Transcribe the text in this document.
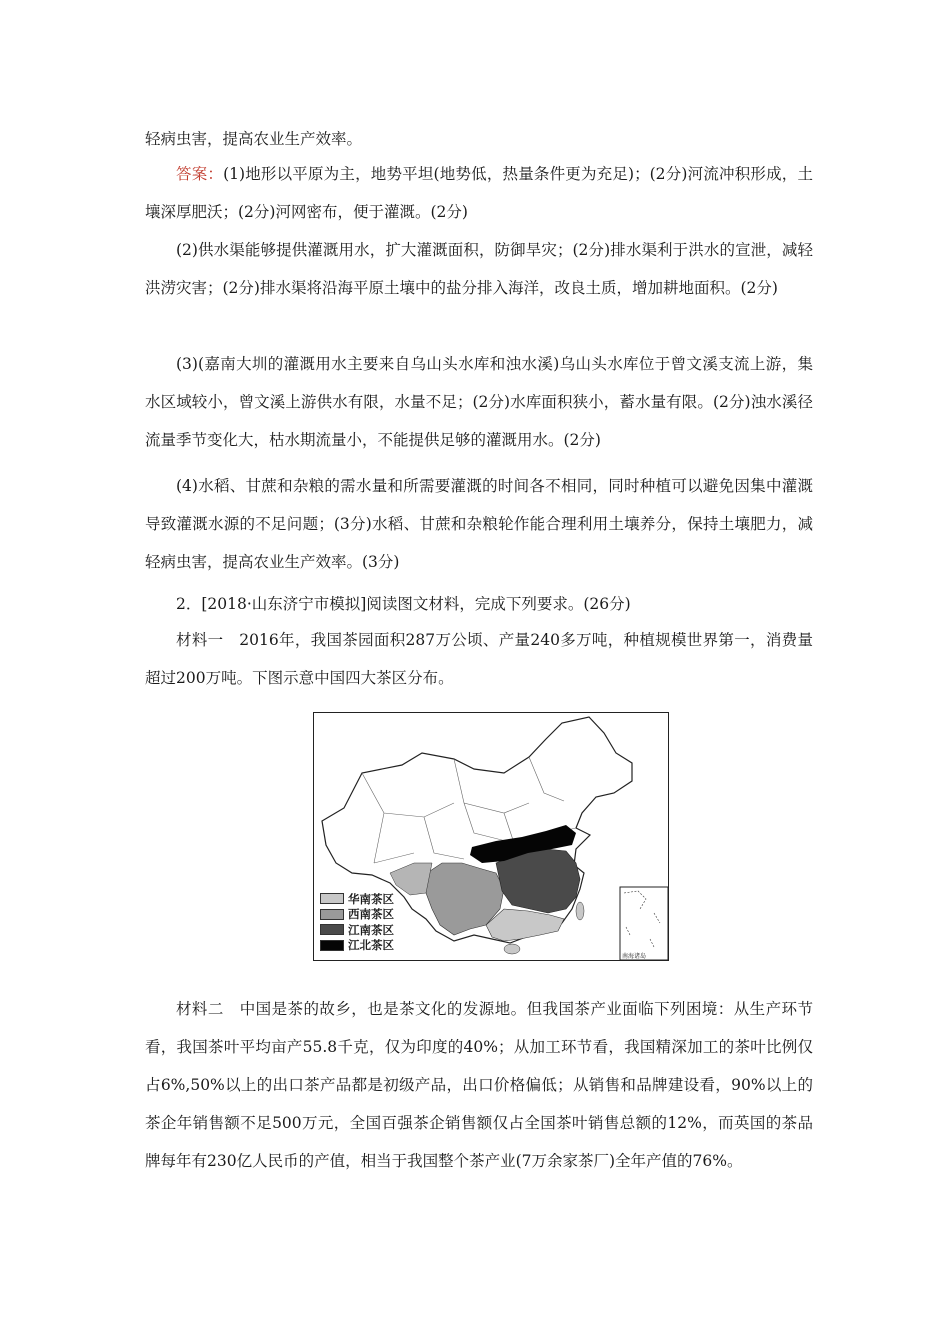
轻病虫害，提高农业生产效率。

答案：(1)地形以平原为主，地势平坦(地势低，热量条件更为充足)；(2分)河流冲积形成，土壤深厚肥沃；(2分)河网密布，便于灌溉。(2分)

(2)供水渠能够提供灌溉用水，扩大灌溉面积，防御旱灾；(2分)排水渠利于洪水的宣泄，减轻洪涝灾害；(2分)排水渠将沿海平原土壤中的盐分排入海洋，改良土质，增加耕地面积。(2分)

(3)(嘉南大圳的灌溉用水主要来自乌山头水库和浊水溪)乌山头水库位于曾文溪支流上游，集水区域较小，曾文溪上游供水有限，水量不足；(2分)水库面积狭小，蓄水量有限。(2分)浊水溪径流量季节变化大，枯水期流量小，不能提供足够的灌溉用水。(2分)

(4)水稻、甘蔗和杂粮的需水量和所需要灌溉的时间各不相同，同时种植可以避免因集中灌溉导致灌溉水源的不足问题；(3分)水稻、甘蔗和杂粮轮作能合理利用土壤养分，保持土壤肥力，减轻病虫害，提高农业生产效率。(3分)

2．[2018·山东济宁市模拟]阅读图文材料，完成下列要求。(26分)

材料一　2016年，我国茶园面积287万公顷、产量240多万吨，种植规模世界第一，消费量超过200万吨。下图示意中国四大茶区分布。

华南茶区
西南茶区
江南茶区
江北茶区
南海诸岛

材料二　中国是茶的故乡，也是茶文化的发源地。但我国茶产业面临下列困境：从生产环节看，我国茶叶平均亩产55.8千克，仅为印度的40%；从加工环节看，我国精深加工的茶叶比例仅占6%,50%以上的出口茶产品都是初级产品，出口价格偏低；从销售和品牌建设看，90%以上的茶企年销售额不足500万元，全国百强茶企销售额仅占全国茶叶销售总额的12%，而英国的茶品牌每年有230亿人民币的产值，相当于我国整个茶产业(7万余家茶厂)全年产值的76%。
